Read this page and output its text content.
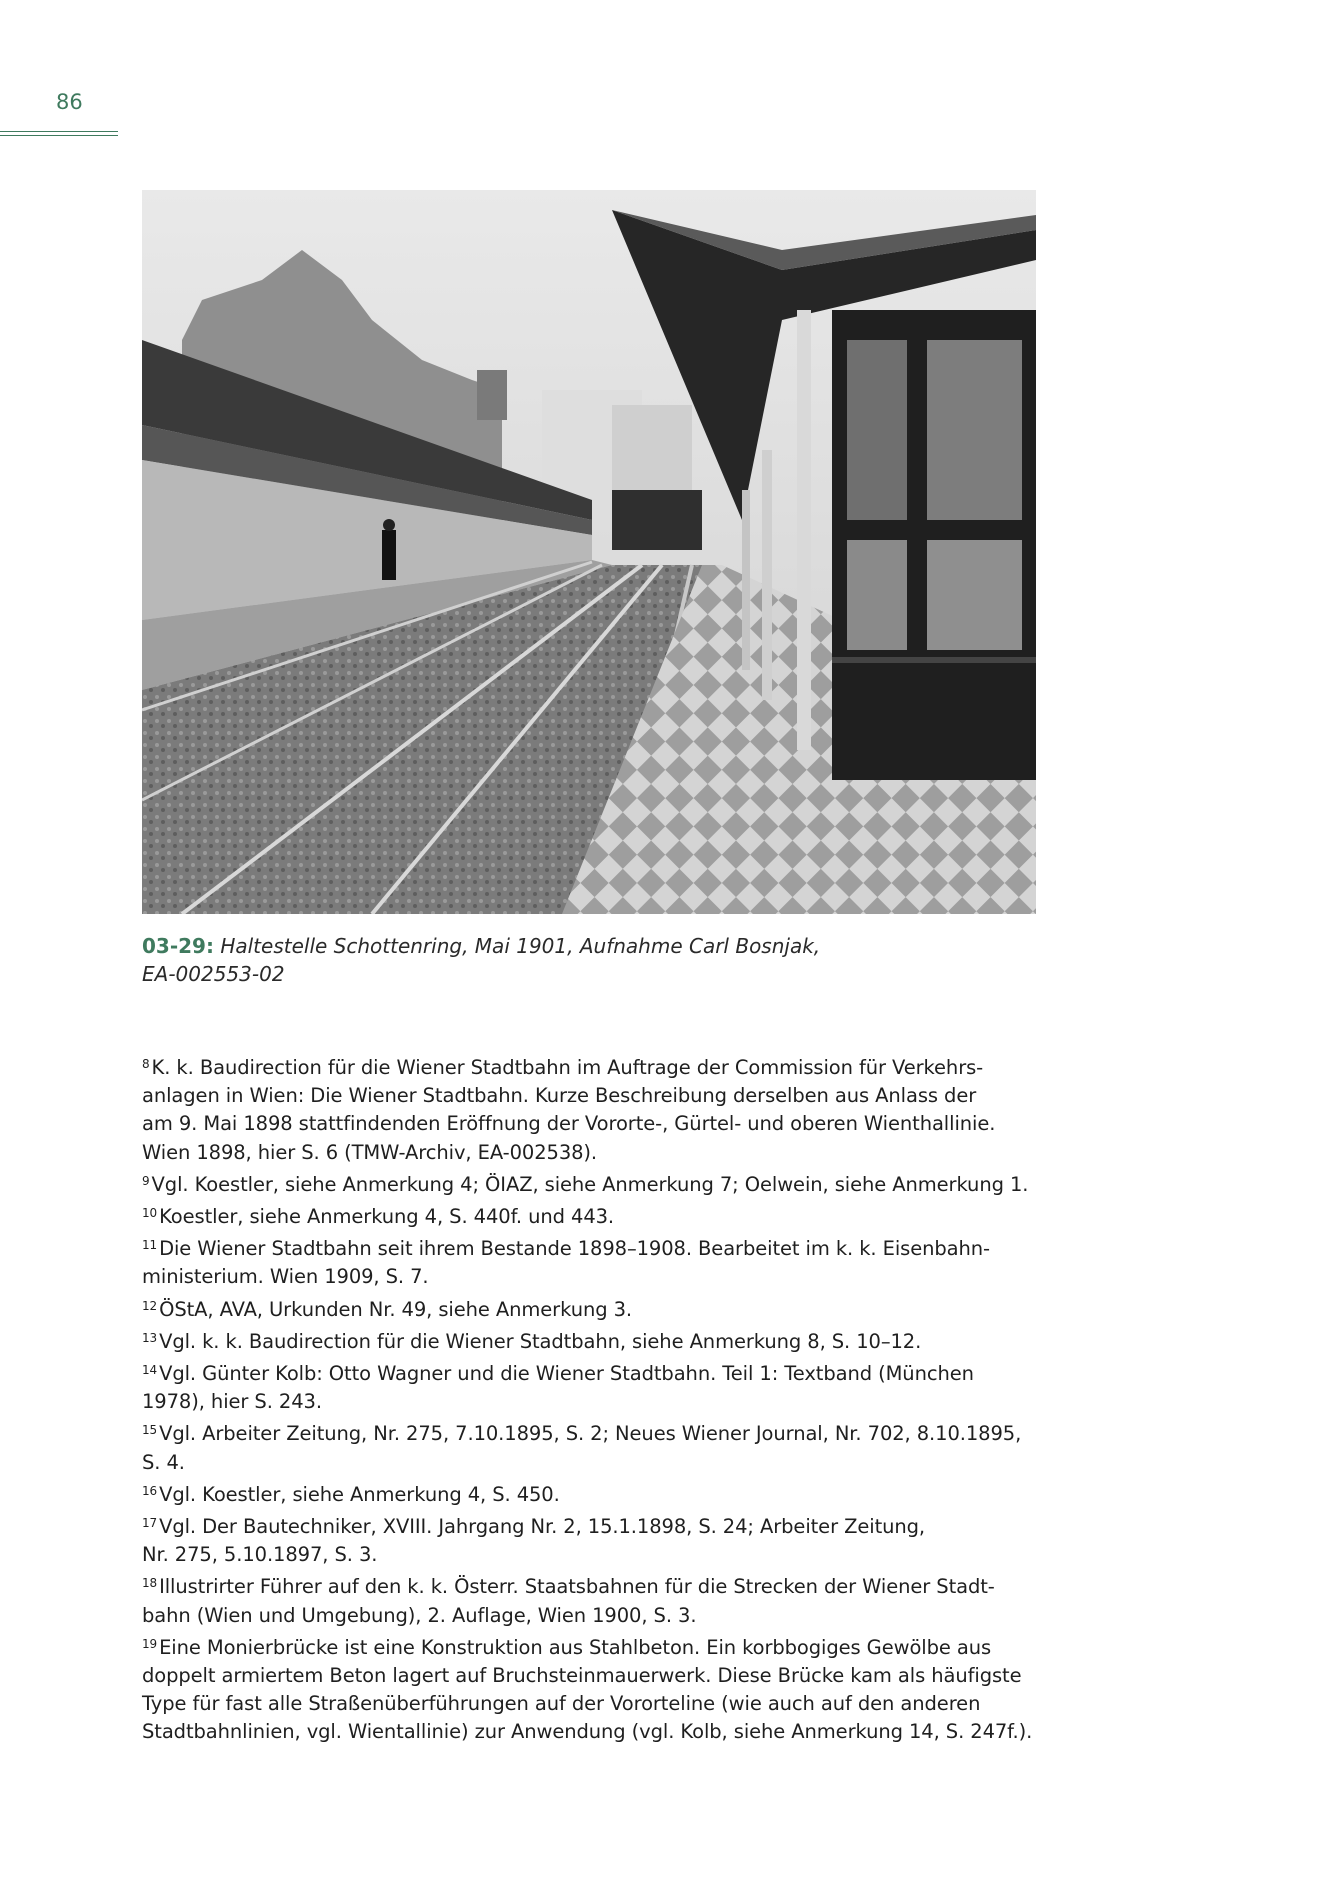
86
03-29: Haltestelle Schottenring, Mai 1901, Aufnahme Carl Bosnjak,
EA-002553-02
$^8$ K. k. Baudirection für die Wiener Stadtbahn im Auftrage der Commission für Verkehrs-
anlagen in Wien: Die Wiener Stadtbahn. Kurze Beschreibung derselben aus Anlass der
am 9. Mai 1898 stattfindenden Eröffnung der Vororte-, Gürtel- und oberen Wienthallinie.
Wien 1898, hier S. 6 (TMW-Archiv, EA-002538).
$^9$ Vgl. Koestler, siehe Anmerkung 4; ÖIAZ, siehe Anmerkung 7; Oelwein, siehe Anmerkung 1.
$^{10}$ Koestler, siehe Anmerkung 4, S. 440f. und 443.
$^{11}$ Die Wiener Stadtbahn seit ihrem Bestande 1898–1908. Bearbeitet im k. k. Eisenbahn-
ministerium. Wien 1909, S. 7.
$^{12}$ ÖStA, AVA, Urkunden Nr. 49, siehe Anmerkung 3.
$^{13}$ Vgl. k. k. Baudirection für die Wiener Stadtbahn, siehe Anmerkung 8, S. 10–12.
$^{14}$ Vgl. Günter Kolb: Otto Wagner und die Wiener Stadtbahn. Teil 1: Textband (München
1978), hier S. 243.
$^{15}$ Vgl. Arbeiter Zeitung, Nr. 275, 7.10.1895, S. 2; Neues Wiener Journal, Nr. 702, 8.10.1895,
S. 4.
$^{16}$ Vgl. Koestler, siehe Anmerkung 4, S. 450.
$^{17}$ Vgl. Der Bautechniker, XVIII. Jahrgang Nr. 2, 15.1.1898, S. 24; Arbeiter Zeitung,
Nr. 275, 5.10.1897, S. 3.
$^{18}$ Illustrirter Führer auf den k. k. Österr. Staatsbahnen für die Strecken der Wiener Stadt-
bahn (Wien und Umgebung), 2. Auflage, Wien 1900, S. 3.
$^{19}$ Eine Monierbrücke ist eine Konstruktion aus Stahlbeton. Ein korbbogiges Gewölbe aus
doppelt armiertem Beton lagert auf Bruchsteinmauerwerk. Diese Brücke kam als häufigste
Type für fast alle Straßenüberführungen auf der Vororteline (wie auch auf den anderen
Stadtbahnlinien, vgl. Wientallinie) zur Anwendung (vgl. Kolb, siehe Anmerkung 14, S. 247f.).
